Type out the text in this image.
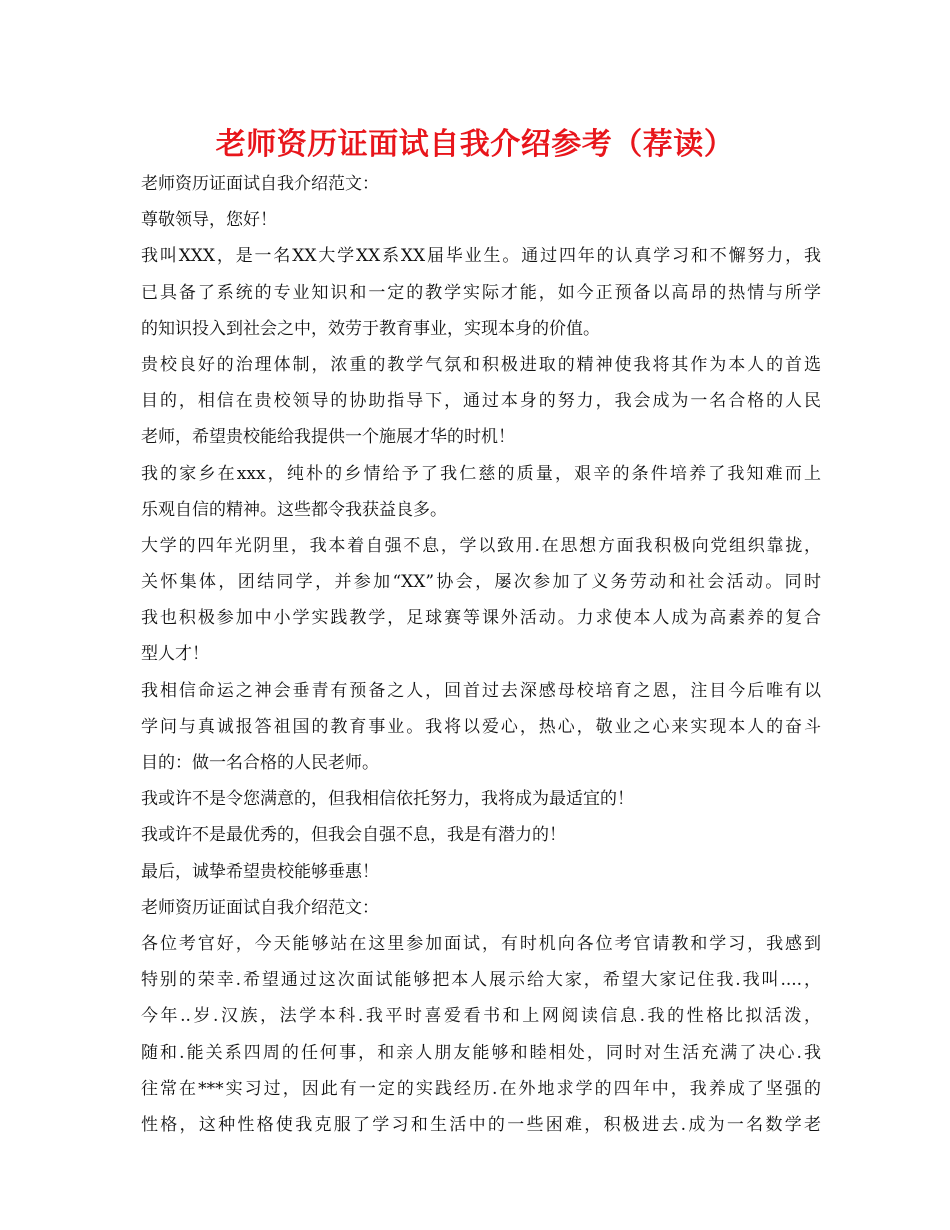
老师资历证面试自我介绍参考（荐读）
老师资历证面试自我介绍范文：
尊敬领导，您好！
我叫XXX，是一名XX大学XX系XX届毕业生。通过四年的认真学习和不懈努力，我
已具备了系统的专业知识和一定的教学实际才能，如今正预备以高昂的热情与所学
的知识投入到社会之中，效劳于教育事业，实现本身的价值。
贵校良好的治理体制，浓重的教学气氛和积极进取的精神使我将其作为本人的首选
目的，相信在贵校领导的协助指导下，通过本身的努力，我会成为一名合格的人民
老师，希望贵校能给我提供一个施展才华的时机！
我的家乡在xxx，纯朴的乡情给予了我仁慈的质量，艰辛的条件培养了我知难而上
乐观自信的精神。这些都令我获益良多。
大学的四年光阴里，我本着自强不息，学以致用.在思想方面我积极向党组织靠拢，
关怀集体，团结同学，并参加“XX”协会，屡次参加了义务劳动和社会活动。同时
我也积极参加中小学实践教学，足球赛等课外活动。力求使本人成为高素养的复合
型人才！
我相信命运之神会垂青有预备之人，回首过去深感母校培育之恩，注目今后唯有以
学问与真诚报答祖国的教育事业。我将以爱心，热心，敬业之心来实现本人的奋斗
目的：做一名合格的人民老师。
我或许不是令您满意的，但我相信依托努力，我将成为最适宜的！
我或许不是最优秀的，但我会自强不息，我是有潜力的！
最后，诚挚希望贵校能够垂惠！
老师资历证面试自我介绍范文：
各位考官好，今天能够站在这里参加面试，有时机向各位考官请教和学习，我感到
特别的荣幸.希望通过这次面试能够把本人展示给大家，希望大家记住我.我叫....，
今年..岁.汉族，法学本科.我平时喜爱看书和上网阅读信息.我的性格比拟活泼，
随和.能关系四周的任何事，和亲人朋友能够和睦相处，同时对生活充满了决心.我
往常在***实习过，因此有一定的实践经历.在外地求学的四年中，我养成了坚强的
性格，这种性格使我克服了学习和生活中的一些困难，积极进去.成为一名数学老
